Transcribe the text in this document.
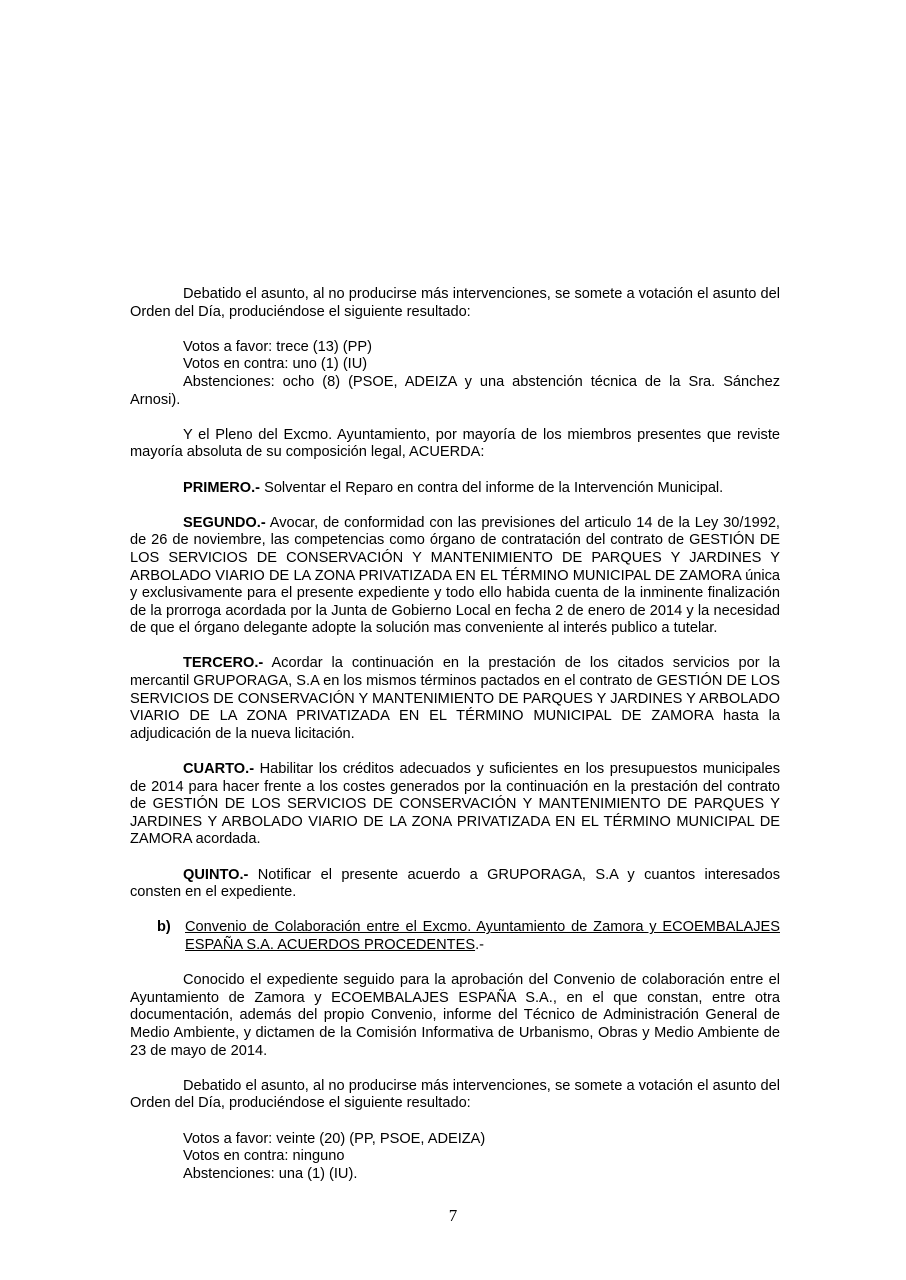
Debatido el asunto, al no producirse más intervenciones, se somete a votación el asunto del Orden del Día, produciéndose el siguiente resultado:

Votos a favor: trece (13) (PP)

Votos en contra: uno (1) (IU)

Abstenciones: ocho (8) (PSOE, ADEIZA y una abstención técnica de la Sra. Sánchez Arnosi).

Y el Pleno del Excmo. Ayuntamiento, por mayoría de los miembros presentes que reviste mayoría absoluta de su composición legal, ACUERDA:

PRIMERO.- Solventar el Reparo en contra del informe de la Intervención Municipal.

SEGUNDO.- Avocar, de conformidad con las previsiones del articulo 14 de la Ley 30/1992, de 26 de noviembre, las competencias como órgano de contratación del contrato de GESTIÓN DE LOS SERVICIOS DE CONSERVACIÓN Y MANTENIMIENTO DE PARQUES Y JARDINES Y ARBOLADO VIARIO DE LA ZONA PRIVATIZADA EN EL TÉRMINO MUNICIPAL DE ZAMORA única y exclusivamente para el presente expediente y todo ello habida cuenta de la inminente finalización de la prorroga acordada por la Junta de Gobierno Local en fecha 2 de enero de 2014 y la necesidad de que el órgano delegante adopte la solución mas conveniente al interés publico a tutelar.

TERCERO.- Acordar la continuación en la prestación de los citados servicios por la mercantil GRUPORAGA, S.A en los mismos términos pactados en el contrato de GESTIÓN DE LOS SERVICIOS DE CONSERVACIÓN Y MANTENIMIENTO DE PARQUES Y JARDINES Y ARBOLADO VIARIO DE LA ZONA PRIVATIZADA EN EL TÉRMINO MUNICIPAL DE ZAMORA hasta la adjudicación de la nueva licitación.

CUARTO.- Habilitar los créditos adecuados y suficientes en los presupuestos municipales de 2014 para hacer frente a los costes generados por la continuación en la prestación del contrato de GESTIÓN DE LOS SERVICIOS DE CONSERVACIÓN Y MANTENIMIENTO DE PARQUES Y JARDINES Y ARBOLADO VIARIO DE LA ZONA PRIVATIZADA EN EL TÉRMINO MUNICIPAL DE ZAMORA acordada.

QUINTO.- Notificar el presente acuerdo a GRUPORAGA, S.A y cuantos interesados consten en el expediente.

b) Convenio de Colaboración entre el Excmo. Ayuntamiento de Zamora y ECOEMBALAJES ESPAÑA S.A. ACUERDOS PROCEDENTES.-

Conocido el expediente seguido para la aprobación del Convenio de colaboración entre el Ayuntamiento de Zamora y ECOEMBALAJES ESPAÑA S.A., en el que constan, entre otra documentación, además del propio Convenio, informe del Técnico de Administración General de Medio Ambiente, y dictamen de la Comisión Informativa de Urbanismo, Obras y Medio Ambiente de 23 de mayo de 2014.

Debatido el asunto, al no producirse más intervenciones, se somete a votación el asunto del Orden del Día, produciéndose el siguiente resultado:

Votos a favor: veinte (20) (PP, PSOE, ADEIZA)

Votos en contra: ninguno

Abstenciones: una (1) (IU).

7
